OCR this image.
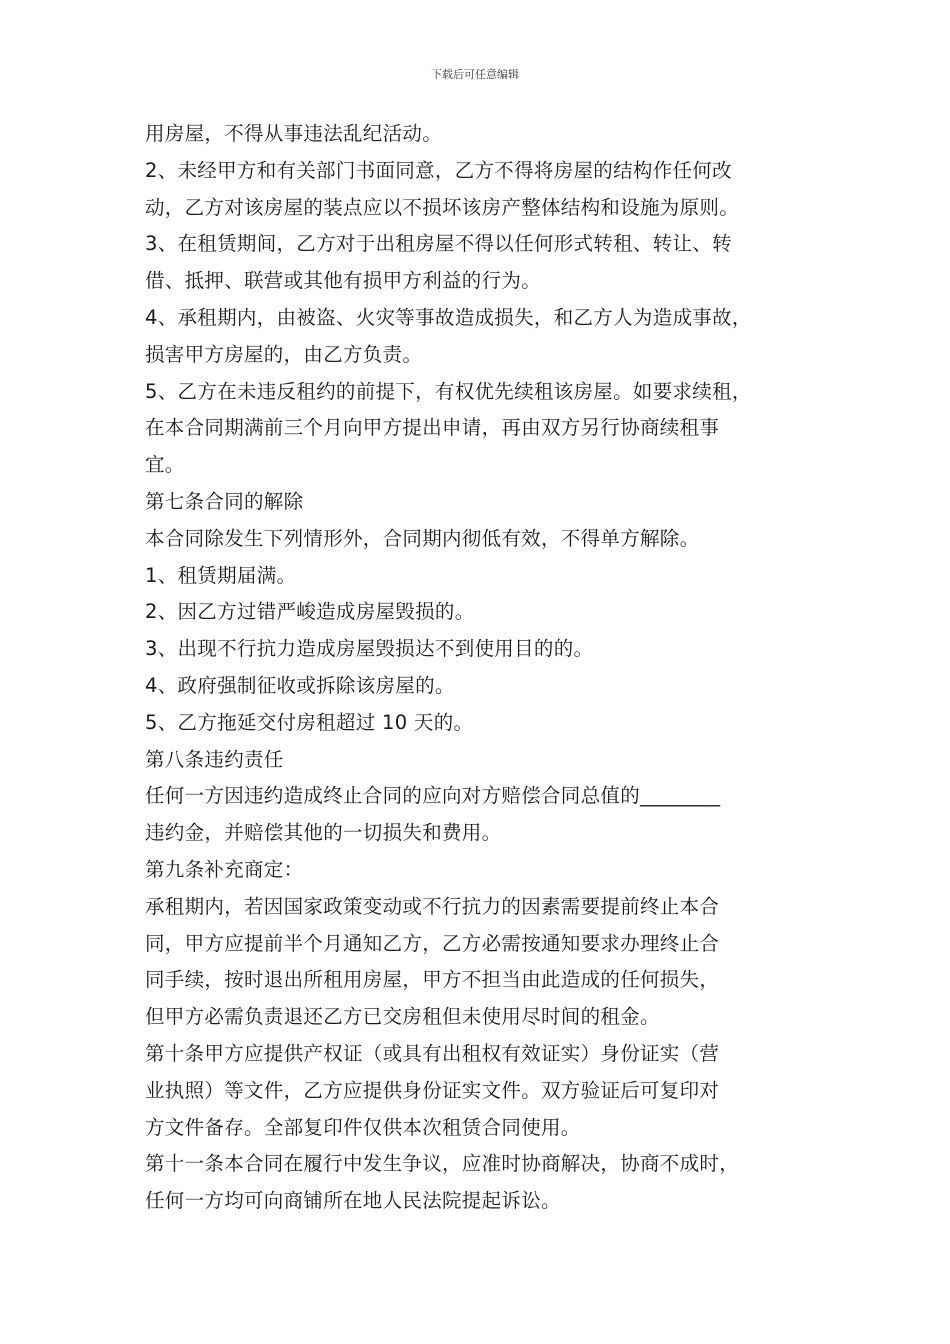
下载后可任意编辑
用房屋，不得从事违法乱纪活动。
2、未经甲方和有关部门书面同意，乙方不得将房屋的结构作任何改
动，乙方对该房屋的装点应以不损坏该房产整体结构和设施为原则。
3、在租赁期间，乙方对于出租房屋不得以任何形式转租、转让、转
借、抵押、联营或其他有损甲方利益的行为。
4、承租期内，由被盗、火灾等事故造成损失，和乙方人为造成事故，
损害甲方房屋的，由乙方负责。
5、乙方在未违反租约的前提下，有权优先续租该房屋。如要求续租，
在本合同期满前三个月向甲方提出申请，再由双方另行协商续租事
宜。
第七条合同的解除
本合同除发生下列情形外，合同期内彻低有效，不得单方解除。
1、租赁期届满。
2、因乙方过错严峻造成房屋毁损的。
3、出现不行抗力造成房屋毁损达不到使用目的的。
4、政府强制征收或拆除该房屋的。
5、乙方拖延交付房租超过 10 天的。
第八条违约责任
任何一方因违约造成终止合同的应向对方赔偿合同总值的________
违约金，并赔偿其他的一切损失和费用。
第九条补充商定：
承租期内，若因国家政策变动或不行抗力的因素需要提前终止本合
同，甲方应提前半个月通知乙方，乙方必需按通知要求办理终止合
同手续，按时退出所租用房屋，甲方不担当由此造成的任何损失，
但甲方必需负责退还乙方已交房租但未使用尽时间的租金。
第十条甲方应提供产权证（或具有出租权有效证实）身份证实（营
业执照）等文件，乙方应提供身份证实文件。双方验证后可复印对
方文件备存。全部复印件仅供本次租赁合同使用。
第十一条本合同在履行中发生争议，应准时协商解决，协商不成时，
任何一方均可向商铺所在地人民法院提起诉讼。
